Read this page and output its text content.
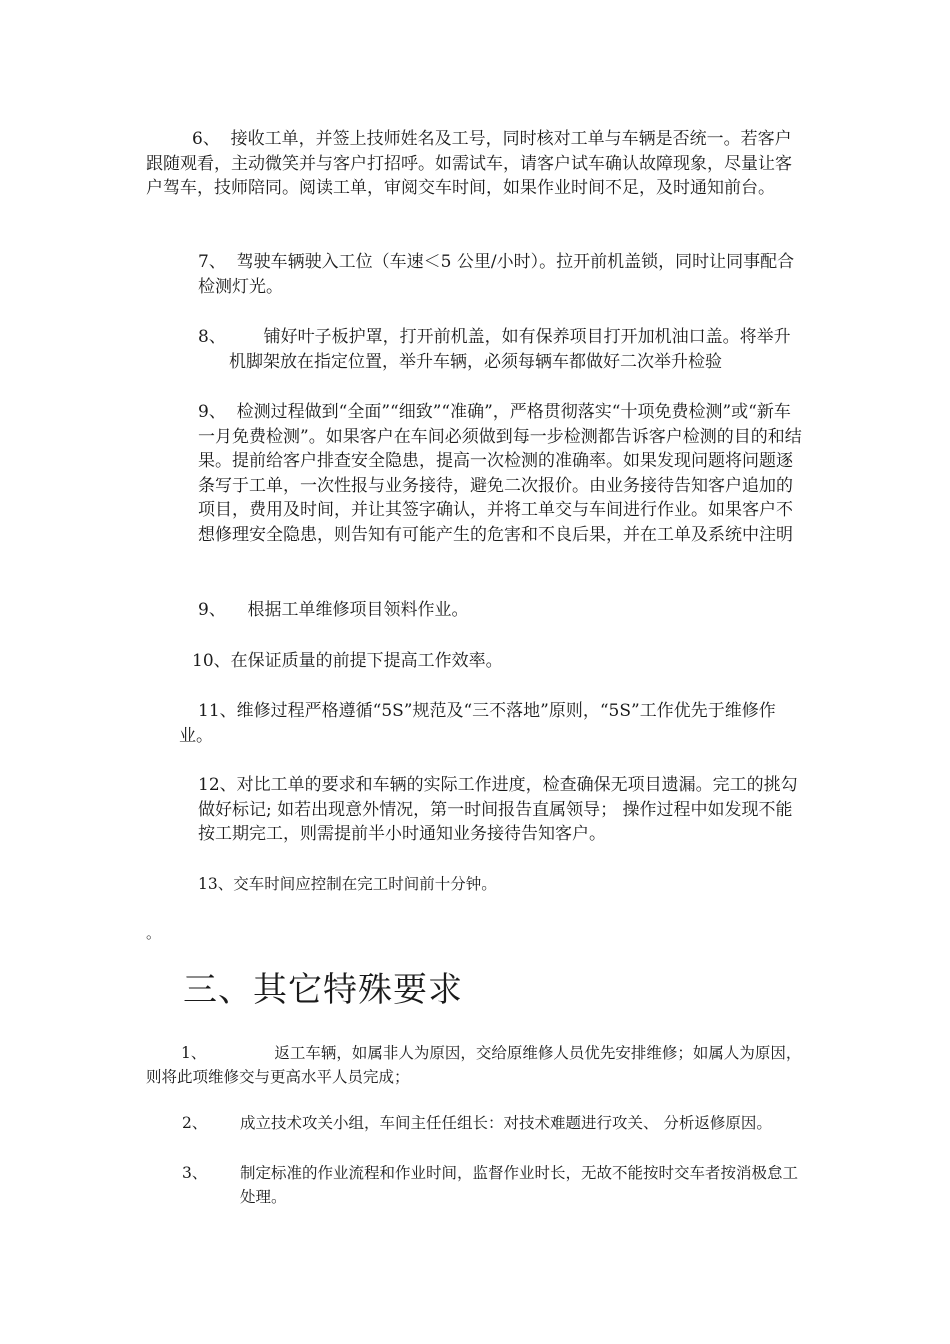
6、 接收工单，并签上技师姓名及工号，同时核对工单与车辆是否统一。若客户跟随观看，主动微笑并与客户打招呼。如需试车，请客户试车确认故障现象，尽量让客户驾车，技师陪同。阅读工单，审阅交车时间，如果作业时间不足，及时通知前台。

7、 驾驶车辆驶入工位（车速＜5 公里/小时）。拉开前机盖锁，同时让同事配合检测灯光。

8、 铺好叶子板护罩，打开前机盖，如有保养项目打开加机油口盖。将举升机脚架放在指定位置，举升车辆，必须每辆车都做好二次举升检验

9、 检测过程做到“全面”“细致”“准确”，严格贯彻落实“十项免费检测”或“新车一月免费检测”。如果客户在车间必须做到每一步检测都告诉客户检测的目的和结果。提前给客户排查安全隐患，提高一次检测的准确率。如果发现问题将问题逐条写于工单，一次性报与业务接待，避免二次报价。由业务接待告知客户追加的项目，费用及时间，并让其签字确认，并将工单交与车间进行作业。如果客户不想修理安全隐患，则告知有可能产生的危害和不良后果，并在工单及系统中注明

9、 根据工单维修项目领料作业。

10、在保证质量的前提下提高工作效率。

11、维修过程严格遵循“5S”规范及“三不落地”原则，“5S”工作优先于维修作业。

12、对比工单的要求和车辆的实际工作进度，检查确保无项目遗漏。完工的挑勾做好标记; 如若出现意外情况，第一时间报告直属领导； 操作过程中如发现不能按工期完工，则需提前半小时通知业务接待告知客户。

13、交车时间应控制在完工时间前十分钟。

。
三、其它特殊要求

1、	返工车辆，如属非人为原因，交给原维修人员优先安排维修；如属人为原因，则将此项维修交与更高水平人员完成；

2、 成立技术攻关小组，车间主任任组长：对技术难题进行攻关、 分析返修原因。

3、 制定标准的作业流程和作业时间，监督作业时长，无故不能按时交车者按消极怠工处理。
